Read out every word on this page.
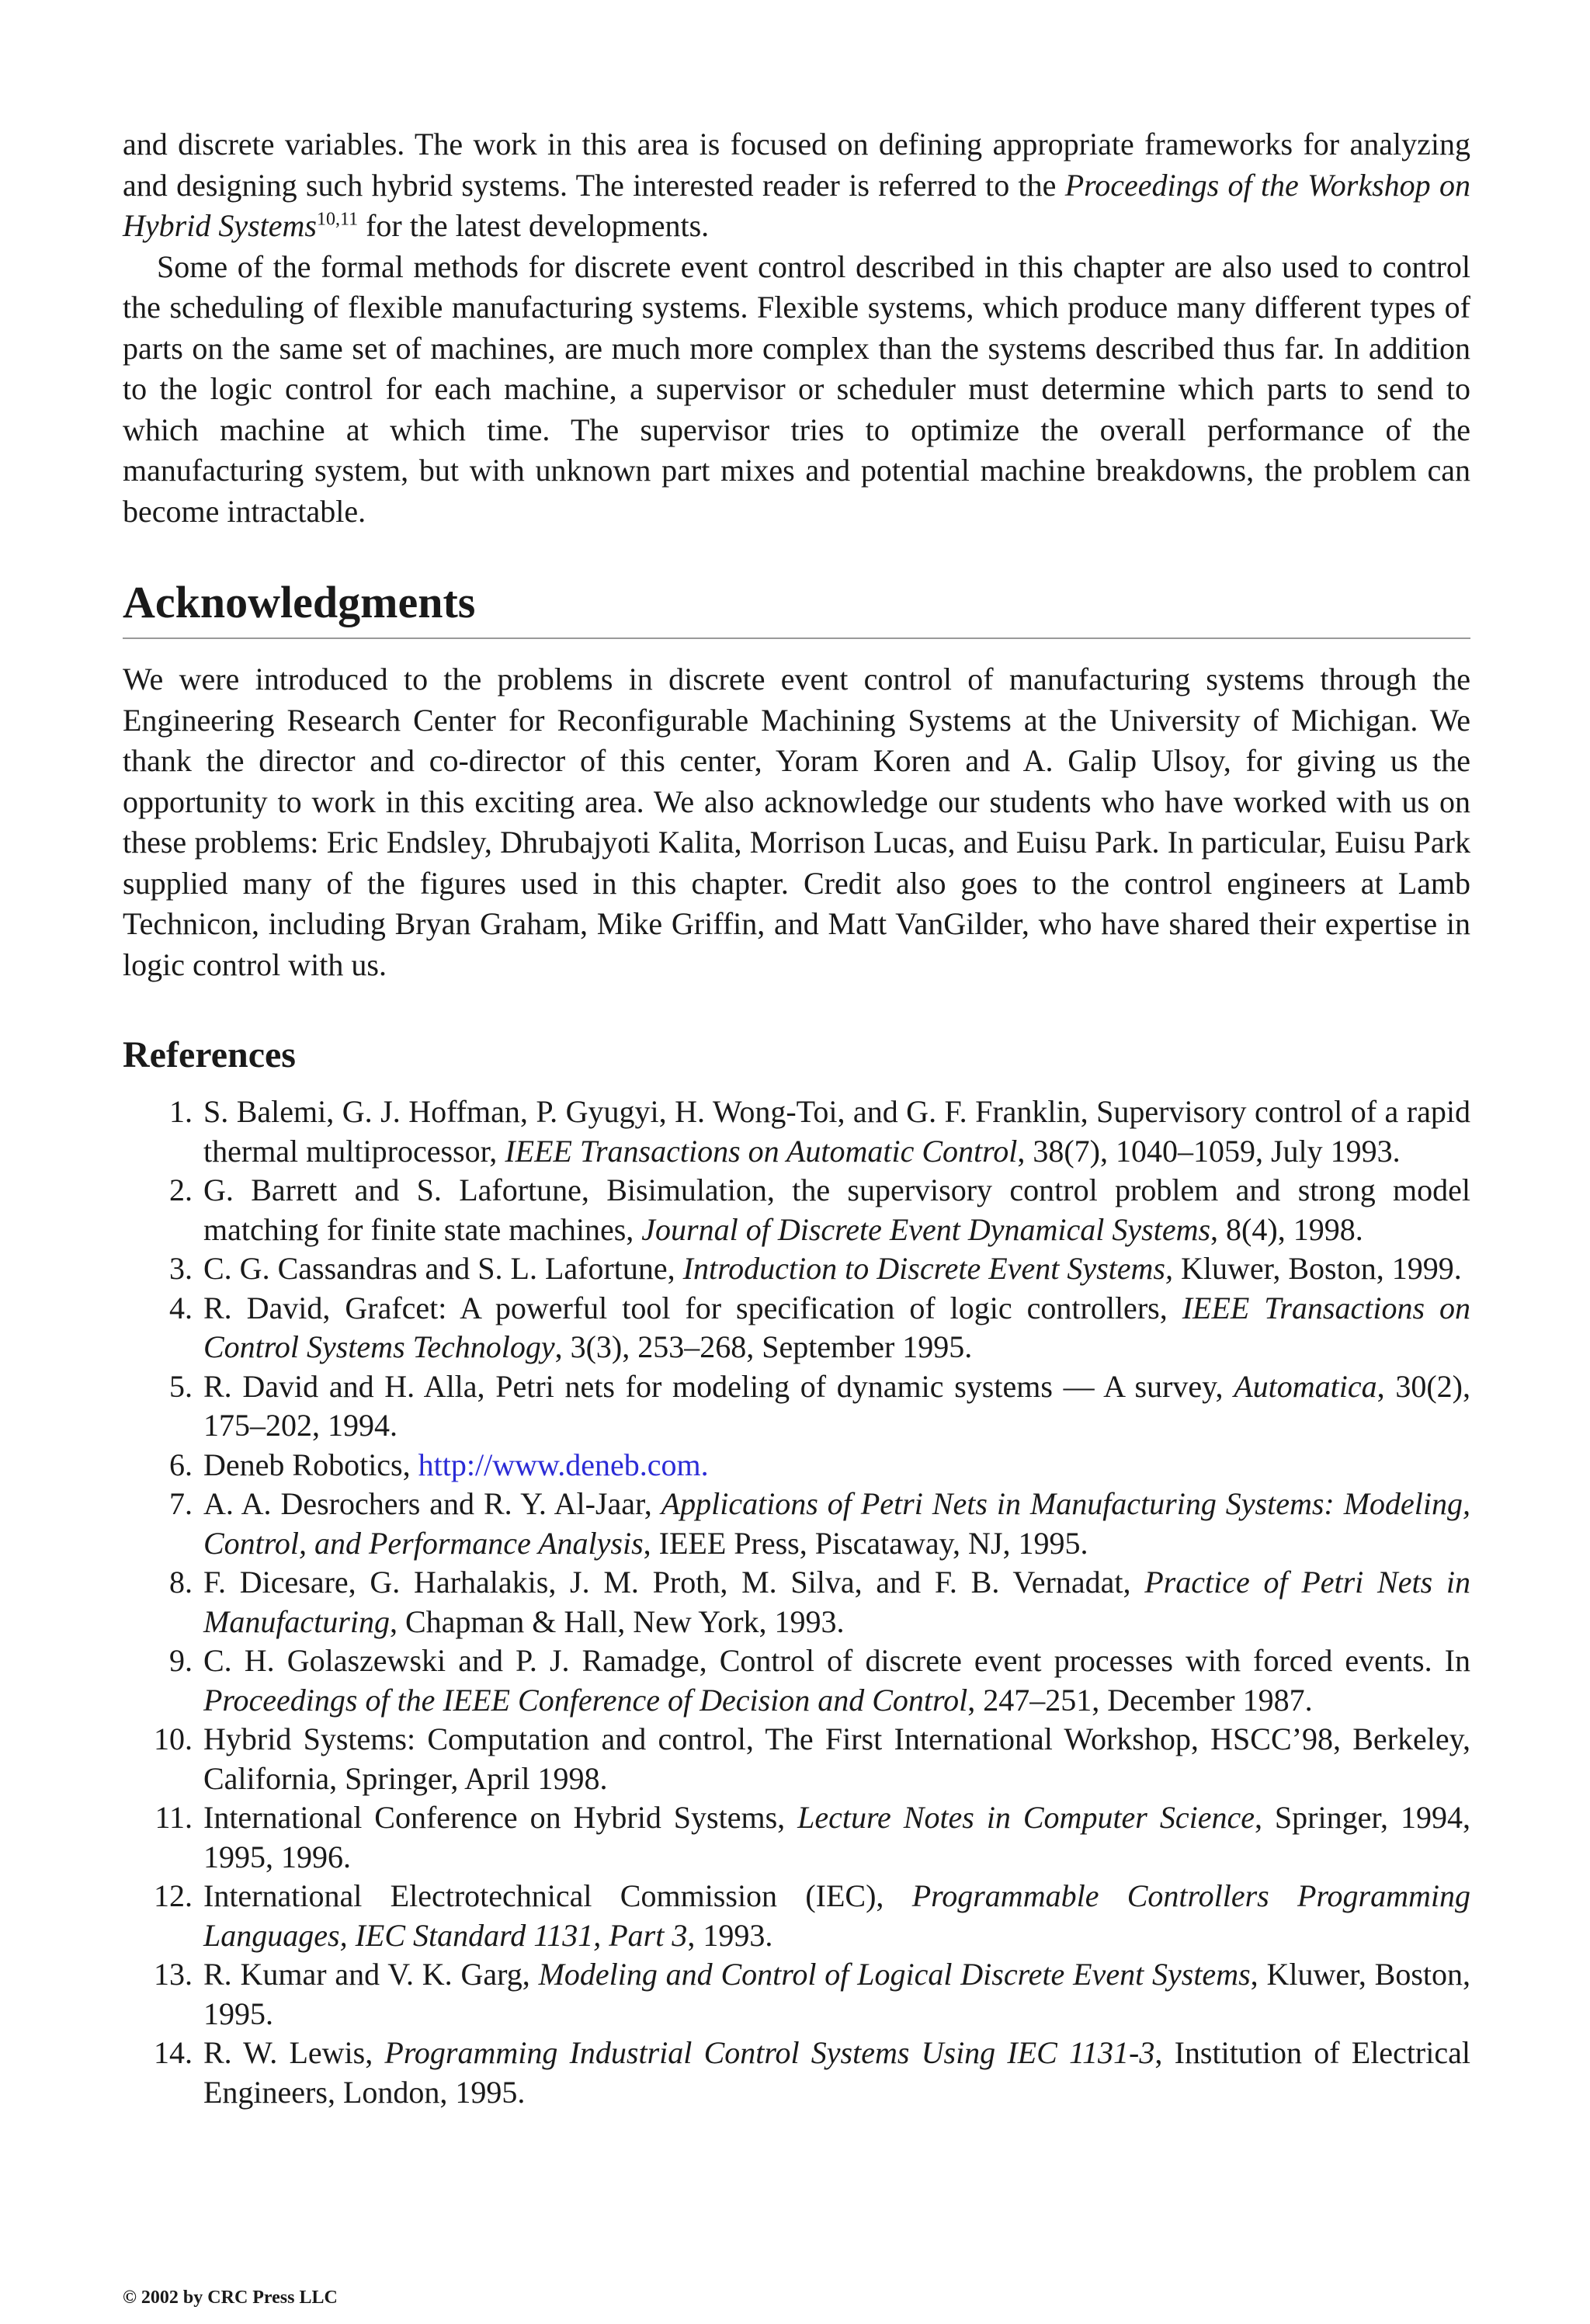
and discrete variables. The work in this area is focused on defining appropriate frameworks for analyzing and designing such hybrid systems. The interested reader is referred to the Proceedings of the Workshop on Hybrid Systems$^{10,11}$ for the latest developments.

Some of the formal methods for discrete event control described in this chapter are also used to control the scheduling of flexible manufacturing systems. Flexible systems, which produce many different types of parts on the same set of machines, are much more complex than the systems described thus far. In addition to the logic control for each machine, a supervisor or scheduler must determine which parts to send to which machine at which time. The supervisor tries to optimize the overall performance of the manufacturing system, but with unknown part mixes and potential machine breakdowns, the problem can become intractable.

Acknowledgments

We were introduced to the problems in discrete event control of manufacturing systems through the Engineering Research Center for Reconfigurable Machining Systems at the University of Michigan. We thank the director and co-director of this center, Yoram Koren and A. Galip Ulsoy, for giving us the opportunity to work in this exciting area. We also acknowledge our students who have worked with us on these problems: Eric Endsley, Dhrubajyoti Kalita, Morrison Lucas, and Euisu Park. In particular, Euisu Park supplied many of the figures used in this chapter. Credit also goes to the control engineers at Lamb Technicon, including Bryan Graham, Mike Griffin, and Matt VanGilder, who have shared their expertise in logic control with us.

References
1. S. Balemi, G. J. Hoffman, P. Gyugyi, H. Wong-Toi, and G. F. Franklin, Supervisory control of a rapid thermal multiprocessor, IEEE Transactions on Automatic Control, 38(7), 1040–1059, July 1993.
2. G. Barrett and S. Lafortune, Bisimulation, the supervisory control problem and strong model matching for finite state machines, Journal of Discrete Event Dynamical Systems, 8(4), 1998.
3. C. G. Cassandras and S. L. Lafortune, Introduction to Discrete Event Systems, Kluwer, Boston, 1999.
4. R. David, Grafcet: A powerful tool for specification of logic controllers, IEEE Transactions on Control Systems Technology, 3(3), 253–268, September 1995.
5. R. David and H. Alla, Petri nets for modeling of dynamic systems — A survey, Automatica, 30(2), 175–202, 1994.
6. Deneb Robotics, http://www.deneb.com.
7. A. A. Desrochers and R. Y. Al-Jaar, Applications of Petri Nets in Manufacturing Systems: Modeling, Control, and Performance Analysis, IEEE Press, Piscataway, NJ, 1995.
8. F. Dicesare, G. Harhalakis, J. M. Proth, M. Silva, and F. B. Vernadat, Practice of Petri Nets in Manufacturing, Chapman & Hall, New York, 1993.
9. C. H. Golaszewski and P. J. Ramadge, Control of discrete event processes with forced events. In Proceedings of the IEEE Conference of Decision and Control, 247–251, December 1987.
10. Hybrid Systems: Computation and control, The First International Workshop, HSCC’98, Berkeley, California, Springer, April 1998.
11. International Conference on Hybrid Systems, Lecture Notes in Computer Science, Springer, 1994, 1995, 1996.
12. International Electrotechnical Commission (IEC), Programmable Controllers Programming Languages, IEC Standard 1131, Part 3, 1993.
13. R. Kumar and V. K. Garg, Modeling and Control of Logical Discrete Event Systems, Kluwer, Boston, 1995.
14. R. W. Lewis, Programming Industrial Control Systems Using IEC 1131-3, Institution of Electrical Engineers, London, 1995.
© 2002 by CRC Press LLC
